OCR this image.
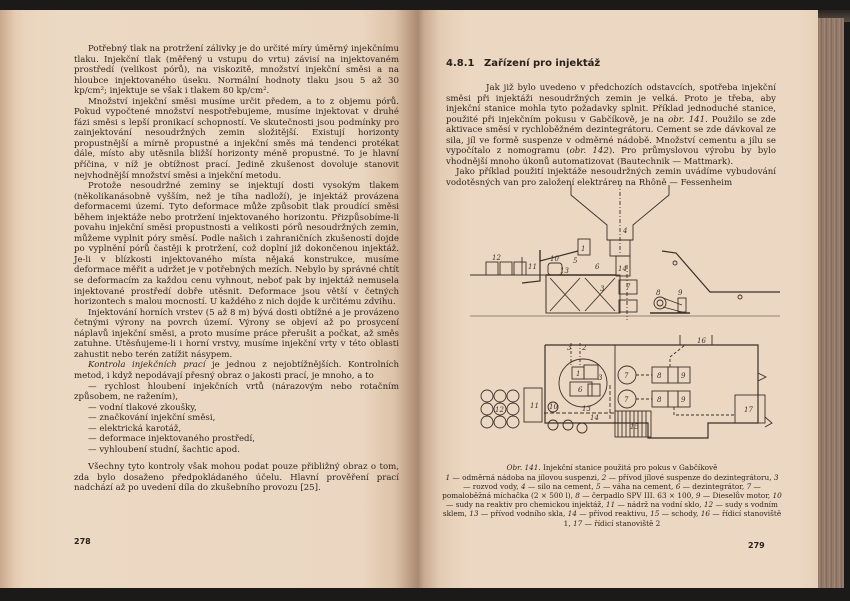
Potřebný tlak na protržení zálivky je do určité míry úměrný injekčnímu tlaku. Injekční tlak (měřený u vstupu do vrtu) závisí na injektovaném prostředí (velikost pórů), na viskozitě, množství injekční směsi a na hloubce injektovaného úseku. Normální hodnoty tlaku jsou 5 až 30 kp/cm²; injektuje se však i tlakem 80 kp/cm².

Množství injekční směsi musíme určit předem, a to z objemu pórů. Pokud vypočtené množství nespotřebujeme, musíme injektovat v druhé fázi směsi s lepší pronikací schopností. Ve skutečnosti jsou podmínky pro zainjektování nesoudržných zemin složitější. Existují horizonty propustnější a mírně propustné a injekční směs má tendenci protékat dále, místo aby utěsnila bližší horizonty méně propustné. To je hlavní příčina, v níž je obtížnost prací. Jedině zkušenost dovoluje stanovit nejvhodnější množství směsi a injekční metodu.

Protože nesoudržné zeminy se injektují dosti vysokým tlakem (několikanásobně vyšším, než je tíha nadloží), je injektáž provázena deformacemi území. Tyto deformace může způsobit tlak proudící směsi během injektáže nebo protržení injektovaného horizontu. Přizpůsobíme-li povahu injekční směsi propustnosti a velikosti pórů nesoudržných zemin, můžeme vyplnit póry směsí. Podle našich i zahraničních zkušeností dojde po vyplnění pórů častěji k protržení, což doplní již dokončenou injektáž. Je-li v blízkosti injektovaného místa nějaká konstrukce, musíme deformace měřit a udržet je v potřebných mezích. Nebylo by správné chtít se deformacím za každou cenu vyhnout, neboť pak by injektáž nemusela injektované prostředí dobře utěsnit. Deformace jsou větší v četných horizontech s malou mocností. U každého z nich dojde k určitému zdvihu.

Injektování horních vrstev (5 až 8 m) bývá dosti obtížné a je provázeno četnými výrony na povrch území. Výrony se objeví až po prosycení náplavů injekční směsi, a proto musíme práce přerušit a počkat, až směs zatuhne. Utěsňujeme-li i horní vrstvy, musíme injekční vrty v této oblasti zahustit nebo terén zatížit násypem.

Kontrola injekčních prací je jednou z nejobtížnějších. Kontrolních metod, i když nepodávají přesný obraz o jakosti prací, je mnoho, a to

— rychlost hloubení injekčních vrtů (nárazovým nebo rotačním způsobem, ne ražením),

— vodní tlakové zkoušky,

— značkování injekční směsi,

— elektrická karotáž,

— deformace injektovaného prostředí,

— vyhloubení studní, šachtic apod.

Všechny tyto kontroly však mohou podat pouze přibližný obraz o tom, zda bylo dosaženo předpokládaného účelu. Hlavní prověření prací nadchází až po uvedení díla do zkušebního provozu [25].

278
4.8.1 Zařízení pro injektáž

Jak již bylo uvedeno v předchozích odstavcích, spotřeba injekční směsi při injektáži nesoudržných zemin je velká. Proto je třeba, aby injekční stanice mohla tyto požadavky splnit. Příklad jednoduché stanice, použité při injekčním pokusu v Gabčíkově, je na obr. 141. Použilo se zde aktivace směsí v rychloběžném dezintegrátoru. Cement se zde dávkoval ze sila, jíl ve formě suspenze v odměrné nádobě. Množství cementu a jílu se vypočítalo z nomogramu (obr. 142). Pro průmyslovou výrobu by bylo vhodnější mnoho úkonů automatizovat (Bautechnik — Mattmark).

Jako příklad použití injektáže nesoudržných zemin uvádíme vybudování vodotěsných van pro založení elektráren na Rhôně — Fessenheim

4
1
12
11
10
13
5
6	14
3	7
8	9
3 2
1
6
3	7
7
8	9
8	9
16
17
11
12	10	13
14
15
Obr. 141. Injekční stanice použitá pro pokus v Gabčíkově
1 — odměrná nádoba na jílovou suspenzi, 2 — přívod jílové suspenze do dezintegrátoru, 3 — rozvod vody, 4 — silo na cement, 5 — váha na cement, 6 — dezintegrátor, 7 — pomaloběžná míchačka (2 × 500 l), 8 — čerpadlo SPV III. 63 × 100, 9 — Dieselův motor, 10 — sudy na reaktiv pro chemickou injektáž, 11 — nádrž na vodní sklo, 12 — sudy s vodním sklem, 13 — přívod vodního skla, 14 — přívod reaktivu, 15 — schody, 16 — řídicí stanoviště 1, 17 — řídicí stanoviště 2
279
